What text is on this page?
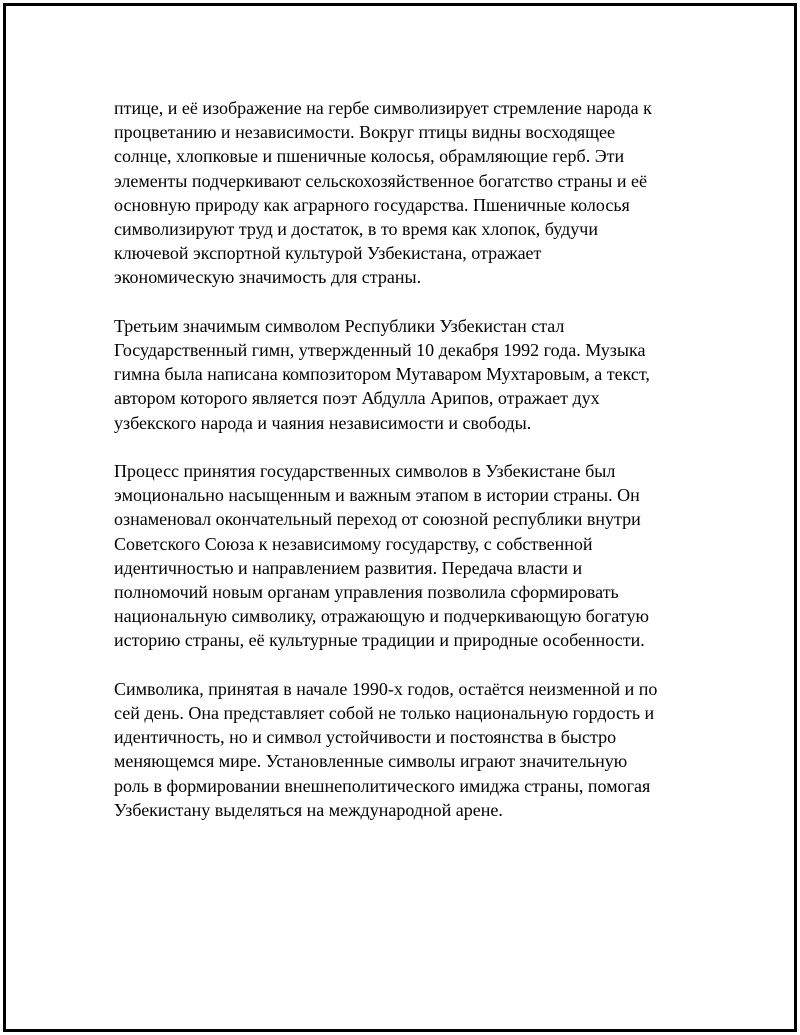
птице, и её изображение на гербе символизирует стремление народа к
процветанию и независимости. Вокруг птицы видны восходящее
солнце, хлопковые и пшеничные колосья, обрамляющие герб. Эти
элементы подчеркивают сельскохозяйственное богатство страны и её
основную природу как аграрного государства. Пшеничные колосья
символизируют труд и достаток, в то время как хлопок, будучи
ключевой экспортной культурой Узбекистана, отражает
экономическую значимость для страны.

Третьим значимым символом Республики Узбекистан стал
Государственный гимн, утвержденный 10 декабря 1992 года. Музыка
гимна была написана композитором Мутаваром Мухтаровым, а текст,
автором которого является поэт Абдулла Арипов, отражает дух
узбекского народа и чаяния независимости и свободы.

Процесс принятия государственных символов в Узбекистане был
эмоционально насыщенным и важным этапом в истории страны. Он
ознаменовал окончательный переход от союзной республики внутри
Советского Союза к независимому государству, с собственной
идентичностью и направлением развития. Передача власти и
полномочий новым органам управления позволила сформировать
национальную символику, отражающую и подчеркивающую богатую
историю страны, её культурные традиции и природные особенности.

Символика, принятая в начале 1990-х годов, остаётся неизменной и по
сей день. Она представляет собой не только национальную гордость и
идентичность, но и символ устойчивости и постоянства в быстро
меняющемся мире. Установленные символы играют значительную
роль в формировании внешнеполитического имиджа страны, помогая
Узбекистану выделяться на международной арене.
